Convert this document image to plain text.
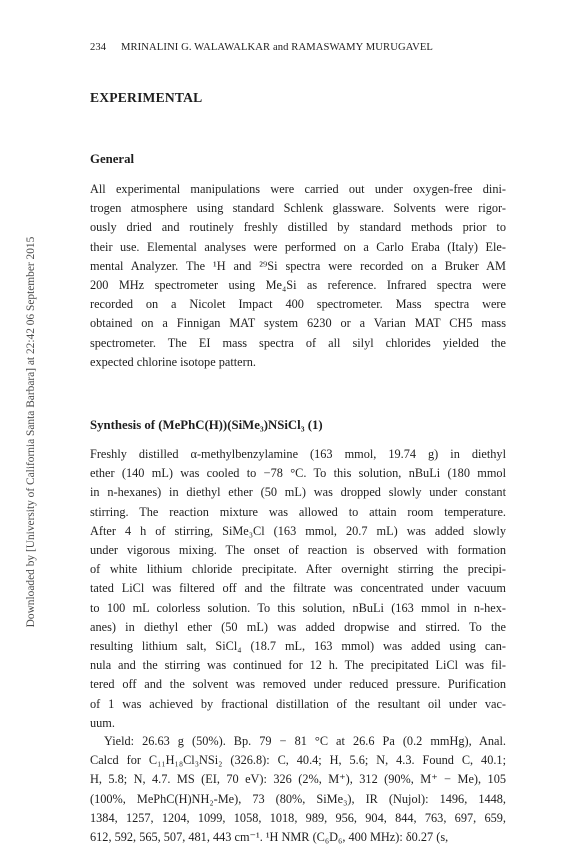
Downloaded by [University of California Santa Barbara] at 22:42 06 September 2015
234 MRINALINI G. WALAWALKAR and RAMASWAMY MURUGAVEL
EXPERIMENTAL
General
All experimental manipulations were carried out under oxygen-free dini-
trogen atmosphere using standard Schlenk glassware. Solvents were rigor-
ously dried and routinely freshly distilled by standard methods prior to
their use. Elemental analyses were performed on a Carlo Eraba (Italy) Ele-
mental Analyzer. The ¹H and ²⁹Si spectra were recorded on a Bruker AM
200 MHz spectrometer using Me₄Si as reference. Infrared spectra were
recorded on a Nicolet Impact 400 spectrometer. Mass spectra were
obtained on a Finnigan MAT system 6230 or a Varian MAT CH5 mass
spectrometer. The EI mass spectra of all silyl chlorides yielded the
expected chlorine isotope pattern.
Synthesis of (MePhC(H))(SiMe₃)NSiCl₃ (1)
Freshly distilled α-methylbenzylamine (163 mmol, 19.74 g) in diethyl
ether (140 mL) was cooled to −78 °C. To this solution, nBuLi (180 mmol
in n-hexanes) in diethyl ether (50 mL) was dropped slowly under constant
stirring. The reaction mixture was allowed to attain room temperature.
After 4 h of stirring, SiMe₃Cl (163 mmol, 20.7 mL) was added slowly
under vigorous mixing. The onset of reaction is observed with formation
of white lithium chloride precipitate. After overnight stirring the precipi-
tated LiCl was filtered off and the filtrate was concentrated under vacuum
to 100 mL colorless solution. To this solution, nBuLi (163 mmol in n-hex-
anes) in diethyl ether (50 mL) was added dropwise and stirred. To the
resulting lithium salt, SiCl₄ (18.7 mL, 163 mmol) was added using can-
nula and the stirring was continued for 12 h. The precipitated LiCl was fil-
tered off and the solvent was removed under reduced pressure. Purification
of 1 was achieved by fractional distillation of the resultant oil under vac-
uum.
Yield: 26.63 g (50%). Bp. 79 − 81 °C at 26.6 Pa (0.2 mmHg), Anal.
Calcd for C₁₁H₁₈Cl₃NSi₂ (326.8): C, 40.4; H, 5.6; N, 4.3. Found C, 40.1;
H, 5.8; N, 4.7. MS (EI, 70 eV): 326 (2%, M⁺), 312 (90%, M⁺ − Me), 105
(100%, MePhC(H)NH₂-Me), 73 (80%, SiMe₃), IR (Nujol): 1496, 1448,
1384, 1257, 1204, 1099, 1058, 1018, 989, 956, 904, 844, 763, 697, 659,
612, 592, 565, 507, 481, 443 cm⁻¹. ¹H NMR (C₆D₆, 400 MHz): δ0.27 (s,
